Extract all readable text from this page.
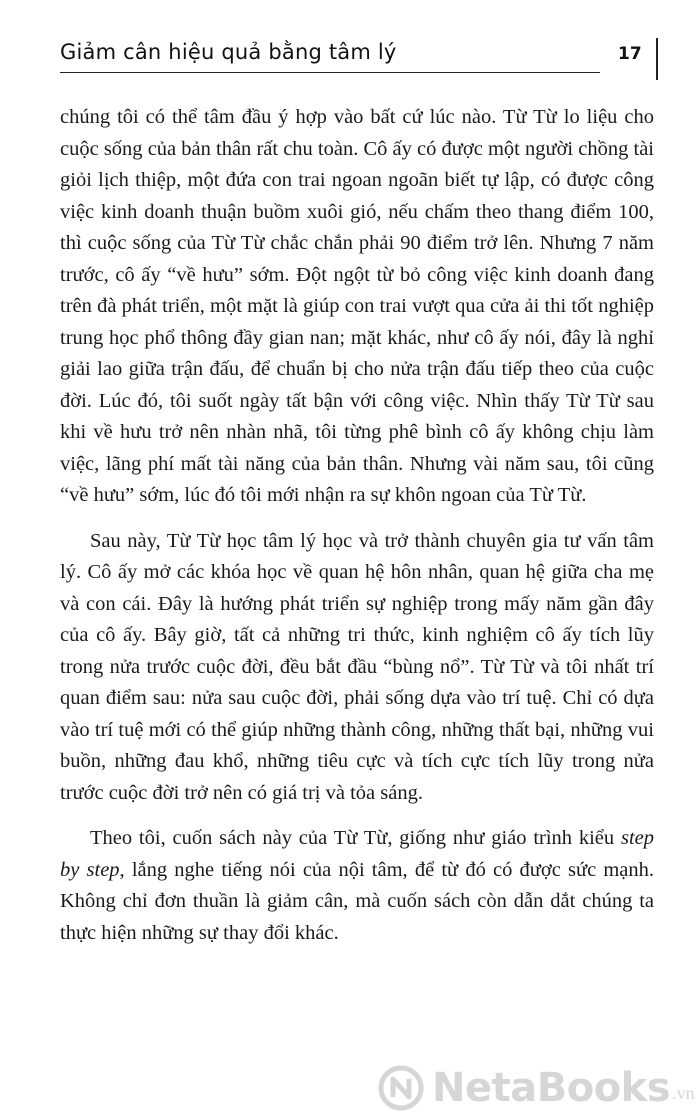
Giảm cân hiệu quả bằng tâm lý	17

chúng tôi có thể tâm đầu ý hợp vào bất cứ lúc nào. Từ Từ lo liệu cho cuộc sống của bản thân rất chu toàn. Cô ấy có được một người chồng tài giỏi lịch thiệp, một đứa con trai ngoan ngoãn biết tự lập, có được công việc kinh doanh thuận buồm xuôi gió, nếu chấm theo thang điểm 100, thì cuộc sống của Từ Từ chắc chắn phải 90 điểm trở lên. Nhưng 7 năm trước, cô ấy “về hưu” sớm. Đột ngột từ bỏ công việc kinh doanh đang trên đà phát triển, một mặt là giúp con trai vượt qua cửa ải thi tốt nghiệp trung học phổ thông đầy gian nan; mặt khác, như cô ấy nói, đây là nghỉ giải lao giữa trận đấu, để chuẩn bị cho nửa trận đấu tiếp theo của cuộc đời. Lúc đó, tôi suốt ngày tất bận với công việc. Nhìn thấy Từ Từ sau khi về hưu trở nên nhàn nhã, tôi từng phê bình cô ấy không chịu làm việc, lãng phí mất tài năng của bản thân. Nhưng vài năm sau, tôi cũng “về hưu” sớm, lúc đó tôi mới nhận ra sự khôn ngoan của Từ Từ.

Sau này, Từ Từ học tâm lý học và trở thành chuyên gia tư vấn tâm lý. Cô ấy mở các khóa học về quan hệ hôn nhân, quan hệ giữa cha mẹ và con cái. Đây là hướng phát triển sự nghiệp trong mấy năm gần đây của cô ấy. Bây giờ, tất cả những tri thức, kinh nghiệm cô ấy tích lũy trong nửa trước cuộc đời, đều bắt đầu “bùng nổ”. Từ Từ và tôi nhất trí quan điểm sau: nửa sau cuộc đời, phải sống dựa vào trí tuệ. Chỉ có dựa vào trí tuệ mới có thể giúp những thành công, những thất bại, những vui buồn, những đau khổ, những tiêu cực và tích cực tích lũy trong nửa trước cuộc đời trở nên có giá trị và tỏa sáng.

Theo tôi, cuốn sách này của Từ Từ, giống như giáo trình kiểu step by step, lắng nghe tiếng nói của nội tâm, để từ đó có được sức mạnh. Không chỉ đơn thuần là giảm cân, mà cuốn sách còn dẫn dắt chúng ta thực hiện những sự thay đổi khác.

NetaBooks .vn
